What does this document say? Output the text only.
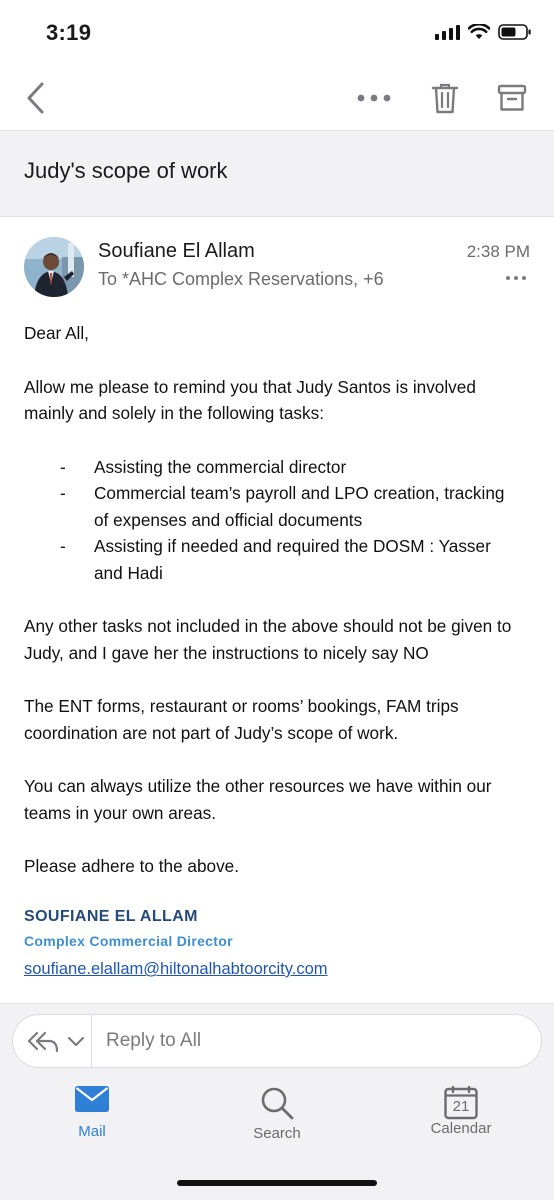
3:19
Judy's scope of work
Soufiane El Allam
To *AHC Complex Reservations, +6
2:38 PM

Dear All,

Allow me please to remind you that Judy Santos is involved

mainly and solely in the following tasks:

- Assisting the commercial director
- Commercial team’s payroll and LPO creation, tracking
of expenses and official documents
- Assisting if needed and required the DOSM : Yasser
and Hadi

Any other tasks not included in the above should not be given to

Judy, and I gave her the instructions to nicely say NO

The ENT forms, restaurant or rooms’ bookings, FAM trips

coordination are not part of Judy’s scope of work.

You can always utilize the other resources we have within our

teams in your own areas.

Please adhere to the above.

SOUFIANE EL ALLAM

Complex Commercial Director

soufiane.elallam@hiltonalhabtoorcity.com
Reply to All
Mail	Search
21
Calendar
